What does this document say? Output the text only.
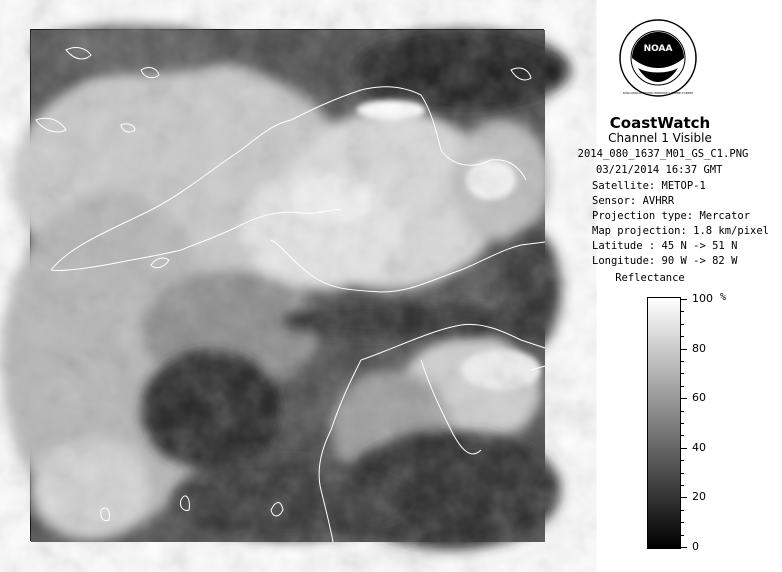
NOAA
NATIONAL OCEANIC AND ATMOSPHERIC ADMINISTRATION U.S. DEPARTMENT OF COMMERCE
CoastWatch
Channel 1 Visible
2014_080_1637_M01_GS_C1.PNG
03/21/2014 16:37 GMT
Satellite: METOP-1
Sensor: AVHRR
Projection type: Mercator
Map projection: 1.8 km/pixel
Latitude : 45 N -> 51 N
Longitude: 90 W -> 82 W
Reflectance
%
100
80
60
40
20
0
